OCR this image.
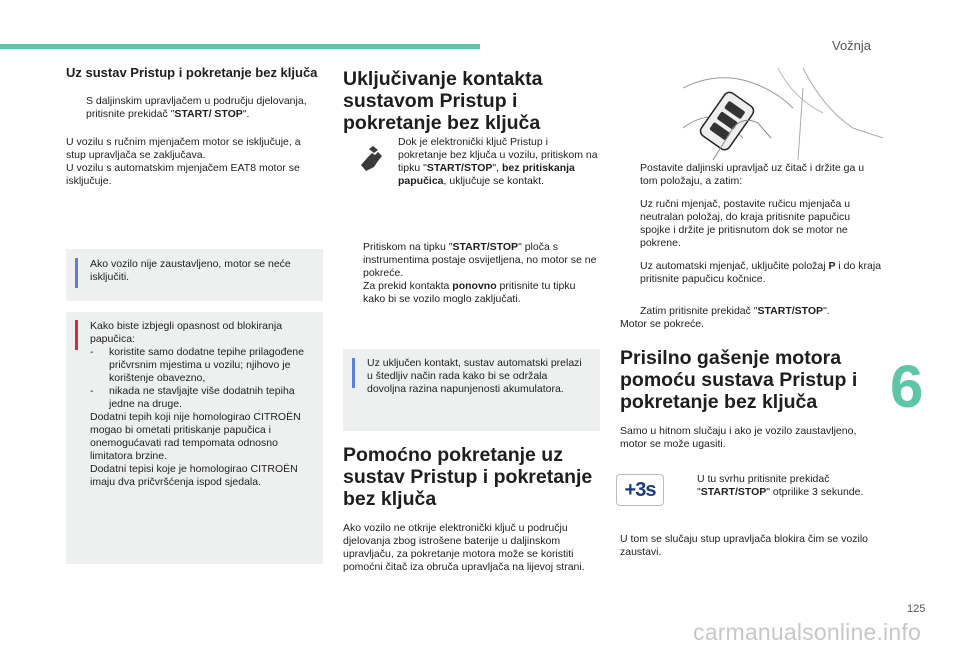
Vožnja
6
125
carmanualsonline.info
Uz sustav Pristup i pokretanje bez ključa
S daljinskim upravljačem u području djelovanja, pritisnite prekidač "START/ STOP".

U vozilu s ručnim mjenjačem motor se isključuje, a stup upravljača se zaključava.

U vozilu s automatskim mjenjačem EAT8 motor se isključuje.

Ako vozilo nije zaustavljeno, motor se neće isključiti.
Kako biste izbjegli opasnost od blokiranja papučica:
-	koristite samo dodatne tepihe prilagođene pričvrsnim mjestima u vozilu; njihovo je korištenje obavezno,
-	nikada ne stavljajte više dodatnih tepiha jedne na druge.
Dodatni tepih koji nije homologirao CITROËN mogao bi ometati pritiskanje papučica i onemogućavati rad tempomata odnosno limitatora brzine.
Dodatni tepisi koje je homologirao CITROËN imaju dva pričvršćenja ispod sjedala.
Uključivanje kontakta sustavom Pristup i pokretanje bez ključa
Dok je elektronički ključ Pristup i pokretanje bez ključa u vozilu, pritiskom na tipku "START/STOP", bez pritiskanja papučica, uključuje se kontakt.
Pritiskom na tipku "START/STOP" ploča s instrumentima postaje osvijetljena, no motor se ne pokreće.
Za prekid kontakta ponovno pritisnite tu tipku kako bi se vozilo moglo zaključati.
Uz uključen kontakt, sustav automatski prelazi u štedljiv način rada kako bi se održala dovoljna razina napunjenosti akumulatora.
Pomoćno pokretanje uz sustav Pristup i pokretanje bez ključa

Ako vozilo ne otkrije elektronički ključ u području djelovanja zbog istrošene baterije u daljinskom upravljaču, za pokretanje motora može se koristiti pomoćni čitač iza obruča upravljača na lijevoj strani.

Postavite daljinski upravljač uz čitač i držite ga u tom položaju, a zatim:
Uz ručni mjenjač, postavite ručicu mjenjača u neutralan položaj, do kraja pritisnite papučicu spojke i držite je pritisnutom dok se motor ne pokrene.
Uz automatski mjenjač, uključite položaj P i do kraja pritisnite papučicu kočnice.
Zatim pritisnite prekidač "START/STOP".

Motor se pokreće.

Prisilno gašenje motora pomoću sustava Pristup i pokretanje bez ključa

Samo u hitnom slučaju i ako je vozilo zaustavljeno, motor se može ugasiti.

+3s	U tu svrhu pritisnite prekidač "START/STOP" otprilike 3 sekunde.

U tom se slučaju stup upravljača blokira čim se vozilo zaustavi.
